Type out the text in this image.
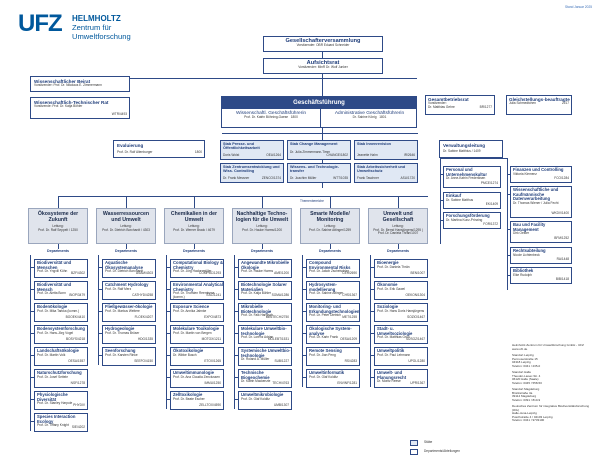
UFZ HELMHOLTZ
Zentrum für Umweltforschung
Stand Januar 2025
Gesellschafterversammlung
Vorsitzender: OBR Eduard Schneider
Aufsichtsrat
Vorsitzender: MinR Dr. Wolf Junker
Wissenschaftlicher Beirat
Vorsitzender: Prof. Dr. Nikolaus E. Zimmermann
Wissenschaftlich-Technischer Rat
Vorsitzende: Prof. Dr. Katja Böhler
WTR/4493
Geschäftsführung
Wissenschaftl. Geschäftsführerin
Prof. Dr. Katrin Böhning-Gaese 1800
Administrative Geschäftsführerin
Dr. Sabine König 1801
Gesamtbetriebsrat
Vorsitzender:
Dr. Matthias Gehre	BR/1277
Gleichstellungs-beauftragte
Julia Schmedtchen	2517
Evaluierung
Prof. Dr. Rolf Altenburger	1800
Stab Presse- und Öffentlichkeitsarbeit
Doris Wolst	OEA/1264
Stab Change Management
Dr. Julia Zimmermann-Timm
CHANGE/1802
Stab Innenrevision
Jeanette Hahn	IR/2646
Stab Zentrumsentwicklung und Wiss. Controlling
Dr. Frank Messner	ZENCO/1374
Wissens- und Technologie-transfer
Dr. Joachim Müller	WTT/1035
Stab Arbeitssicherheit und Umweltschutz
Frank Taschner	ASU/1720
Themenbereiche
Ökosysteme der Zukunft
Leitung:
Prof. Dr. Ralf Seppelt / 1250
Departments
Biodiversität und Menschen
Prof. Dr. Yngvill Kühn	BZF/4302
Biodiversität und Mensch
Prof. Dr. Aletta Bonn	BIOP/3479
Bodenökologie
Prof. Dr. Mika Tarkka (komm.)
BOOEK/4410
Bodensystemforschung
Prof. Dr. Hans-Jörg Vogel
BOSYS/4218
Landschaftsökologie
Prof. Dr. Martin Volk
OESA/1557
Naturschutzforschung
Prof. Dr. Josef Settele
NSF/1278
Physiologische Diversität
Prof. Dr. Stanley Harpole PHYDIV
Species Interaction Ecology
Prof. Dr. Tiffany Knight SIE/4202
Wasserressourcen und Umwelt
Leitung:
Prof. Dr. Dietrich Borchardt / 4303
Departments
Aquatische Ökosystemanalyse
Prof. Dr. Dietrich Borchardt
ASAM/4303
Catchment Hydrology
Prof. Dr. Ralf Merz
CATHYD/4258
Fließgewässer-ökologie
Prof. Dr. Markus Weitere
FLOEK/4207
Hydrogeologie
Prof. Dr. Thomas Brüser
HDG/1335
Seenforschung
Prof. Dr. Karsten Rinke
SEEFO/4150
Chemikalien in der Umwelt
Leitung:
Prof. Dr. Werner Brack / 4679
Departments
Computational Biology & Chemistry
Prof. Dr. Jörg Hackermüller
COMPBC/1293
Environmental Analytical Chemistry
Prof. Dr. Thorsten Reemtsma (komm.)	EAC/1241
Exposure Science
Prof. Dr. Annika Jahnke
EXPO/4873
Molekulare Toxikologie
Prof. Dr. Martin von Bergen
MOTOX/1211
Ökotoxikologie
Dr. Wibke Busch
ETOX/1265
Umweltimmunologie
Prof. Dr. Ana Claudia Zenclussen
IMMU/1250
Zelltoxikologie
Prof. Dr. Beate Escher
ZELLTOX/4590
Nachhaltige Techno-logien für die Umwelt
Leitung:
Prof. Dr. Hauke Harms/1200
Departments
Angewandte Mikrobielle Ökologie
Prof. Dr. Hauke Harms AME/1200
Biotechnologie Solarer Materialien
Prof. Dr. Katja Bühler SOMA/1286
Mikrobielle Biotechnologie
Prof. Dr. Falk Harnisch
MIBITECH/2750
Molekulare Umweltbio-technologie
Prof. Dr. Lorenz Adrian
MOLEBT/1531
Systemische Umweltbio-technologie
Dr. Roland A. Müller	SUB/1227
Technische Biogeochemie
Dr. Katrin Mackenzie TECH/4763
Umweltmikrobiologie
Prof. Dr. Olaf Kolditz
UMB/1307
Smarte Modelle/ Monitoring
Leitung:
Prof. Dr. Sabine Attinger/1259
Departments
Compound Environmental Risks
Prof. Dr. Jakob Zscheischler
CER/2690
Hydrosystem-modellierung
Prof. Dr. Sabine Attinger CHS/1367
Monitoring- und Erkundungstechnologien
Prof. Dr. Peter Dietrich MET/1255
Ökologische System-analyse
Prof. Dr. Karin Frank OESA/1209
Remote Sensing
Prof. Dr. Jian Peng
RS/4283
Umweltinformatik
Prof. Dr. Olaf Kolditz
ENVINF/1281
Umwelt und Gesellschaft
Leitung:
Prof. Dr. Bernd Hansjürgens/1295 | Prof. Dr. Daniela Thrän/1007
Departments
Bioenergie
Prof. Dr. Daniela Thrän
BEN/1007
Ökonomie
Prof. Dr. Erik Gawel
OEKON/1304
Soziologie
Prof. Dr. Hans Doris Hansjürgens
SOZIO/1467
Stadt- u. Umweltsoziologie
Prof. Dr. Matthias Groß
SUSOZ/1467
Umweltpolitik
Prof. Dr. Paul Lehmann
UPOL/1280
Umwelt- und Planungsrecht
Dr. Moritz Reese	UPR/1367
Verwaltungsleitung
Dr. Sabine Matthius / 1409
Personal und Unternehmenskultur
Dr. Anne-Katrin Frederiksen
PMCE/1274
Einkauf
Dr. Sabine Matthus
EK/1409
Forschungsförderung
Dr. Martina Kunz-Prinzing
FOR/1372
Finanzen und Controlling
Viktoria Klemenz
FCO/1284
Wissenschaftliche und Kaufmännische Datenverarbeitung
Dr. Thomas Wiener / Julia Fecht
WKDV/1400
Bau und Facility Management
Dirk Oester
BFM/1252
Rechtsabteilung
Nicole Lichtenbeck
RA/1448
Bibliothek
Elke Rudolph
BIB/1418
Helmholtz-Zentrum für Umweltforschung GmbH - UFZ
www.ufz.de
Standort Leipzig
Permoserstraße 15
04318 Leipzig
Telefon: 0341 / 235-0
Standort Halle
Theodor-Lieser-Str. 4
06120 Halle (Saale)
Telefon: 0345 / 558-50
Standort Magdeburg
Brückstraße 3a
39114 Magdeburg
Telefon: 0391 / 810-9
Deutsches Zentrum für integrative Biodiversitätsforschung (iDiv)
Halle-Jena-Leipzig
Puschstraße 4 / 04103 Leipzig
Telefon: 0341 / 9733100
Stäbe
Departments/Abteilungen
